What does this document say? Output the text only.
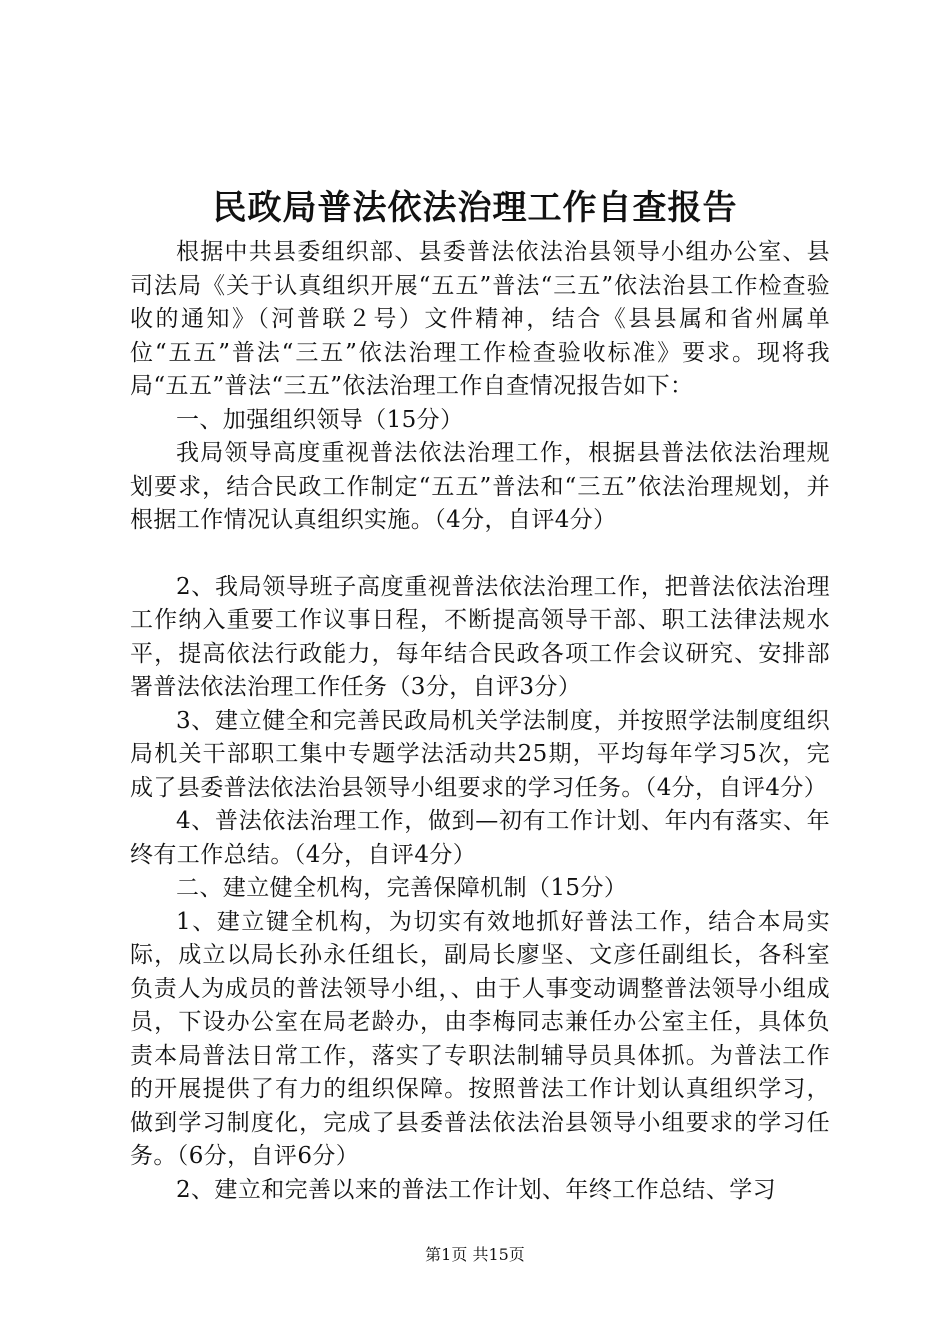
民政局普法依法治理工作自查报告

根据中共县委组织部、县委普法依法治县领导小组办公室、县司法局《关于认真组织开展“五五”普法“三五”依法治县工作检查验收的通知》（河普联２号）文件精神，结合《县县属和省州属单位“五五”普法“三五”依法治理工作检查验收标准》要求。现将我局“五五”普法“三五”依法治理工作自查情况报告如下：

一、加强组织领导（15分）

我局领导高度重视普法依法治理工作，根据县普法依法治理规划要求，结合民政工作制定“五五”普法和“三五”依法治理规划，并根据工作情况认真组织实施。（4分，自评4分）

2、我局领导班子高度重视普法依法治理工作，把普法依法治理工作纳入重要工作议事日程，不断提高领导干部、职工法律法规水平，提高依法行政能力，每年结合民政各项工作会议研究、安排部署普法依法治理工作任务（3分，自评3分）

3、建立健全和完善民政局机关学法制度，并按照学法制度组织局机关干部职工集中专题学法活动共25期，平均每年学习5次，完成了县委普法依法治县领导小组要求的学习任务。（4分，自评4分）

4、普法依法治理工作，做到—初有工作计划、年内有落实、年终有工作总结。（4分，自评4分）

二、建立健全机构，完善保障机制（15分）

1、建立键全机构，为切实有效地抓好普法工作，结合本局实际，成立以局长孙永任组长，副局长廖坚、文彦任副组长，各科室负责人为成员的普法领导小组，、由于人事变动调整普法领导小组成员，下设办公室在局老龄办，由李梅同志兼任办公室主任，具体负责本局普法日常工作，落实了专职法制辅导员具体抓。为普法工作的开展提供了有力的组织保障。按照普法工作计划认真组织学习，做到学习制度化，完成了县委普法依法治县领导小组要求的学习任务。（6分，自评6分）

2、建立和完善以来的普法工作计划、年终工作总结、学习

第1页 共15页
